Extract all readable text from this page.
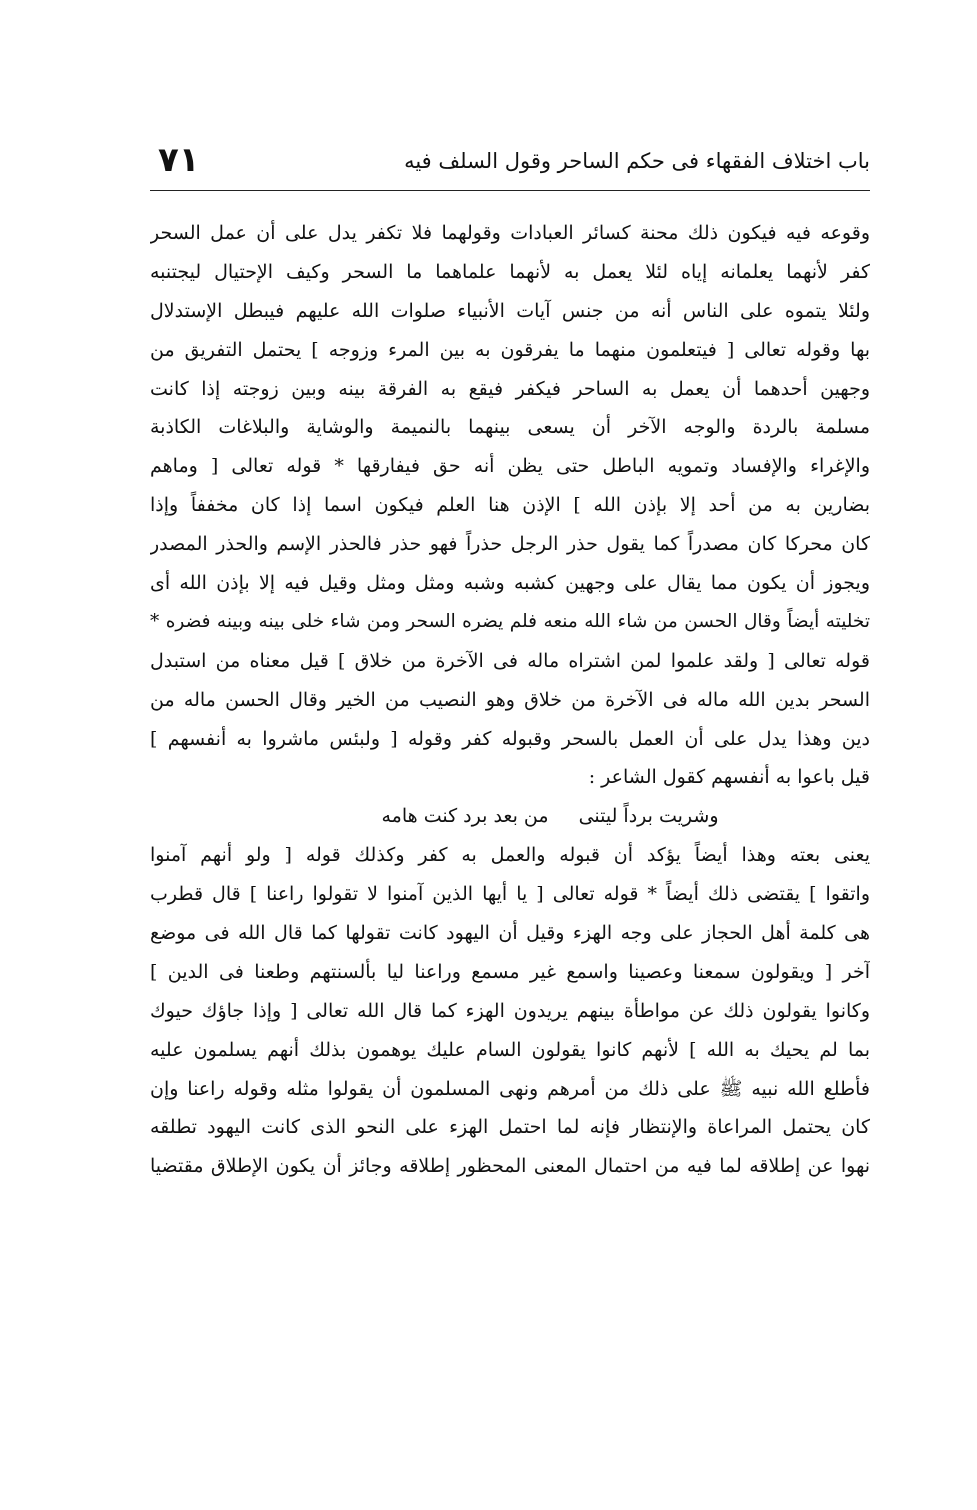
باب اختلاف الفقهاء فى حكم الساحر وقول السلف فيه
٧١
وقوعه فيه فيكون ذلك محنة كسائر العبادات وقولهما فلا تكفر يدل على أن عمل السحر
كفر لأنهما يعلمانه إياه لئلا يعمل به لأنهما علماهما ما السحر وكيف الإحتيال ليجتنبه
ولئلا يتموه على الناس أنه من جنس آيات الأنبياء صلوات الله عليهم فيبطل الإستدلال
بها وقوله تعالى [ فيتعلمون منهما ما يفرقون به بين المرء وزوجه ] يحتمل التفريق من
وجهين أحدهما أن يعمل به الساحر فيكفر فيقع به الفرقة بينه وبين زوجته إذا كانت
مسلمة بالردة والوجه الآخر أن يسعى بينهما بالنميمة والوشاية والبلاغات الكاذبة
والإغراء والإفساد وتمويه الباطل حتى يظن أنه حق فيفارقها * قوله تعالى [ وماهم
بضارين به من أحد إلا بإذن الله ] الإذن هنا العلم فيكون اسما إذا كان مخففاً وإذا
كان محركا كان مصدراً كما يقول حذر الرجل حذراً فهو حذر فالحذر الإسم والحذر المصدر
ويجوز أن يكون مما يقال على وجهين كشبه وشبه ومثل ومثل وقيل فيه إلا بإذن الله أى
تخليته أيضاً وقال الحسن من شاء الله منعه فلم يضره السحر ومن شاء خلى بينه وبينه فضره *
قوله تعالى [ ولقد علموا لمن اشتراه ماله فى الآخرة من خلاق ] قيل معناه من استبدل
السحر بدين الله ماله فى الآخرة من خلاق وهو النصيب من الخير وقال الحسن ماله من
دين وهذا يدل على أن العمل بالسحر وقبوله كفر وقوله [ ولبئس ماشروا به أنفسهم ]
قيل باعوا به أنفسهم كقول الشاعر :
وشريت برداً ليتنىمن بعد برد كنت هامه
يعنى بعته وهذا أيضاً يؤكد أن قبوله والعمل به كفر وكذلك قوله [ ولو أنهم آمنوا
واتقوا ] يقتضى ذلك أيضاً * قوله تعالى [ يا أيها الذين آمنوا لا تقولوا راعنا ] قال قطرب
هى كلمة أهل الحجاز على وجه الهزء وقيل أن اليهود كانت تقولها كما قال الله فى موضع
آخر [ ويقولون سمعنا وعصينا واسمع غير مسمع وراعنا ليا بألسنتهم وطعنا فى الدين ]
وكانوا يقولون ذلك عن مواطأة بينهم يريدون الهزء كما قال الله تعالى [ وإذا جاؤك حيوك
بما لم يحيك به الله ] لأنهم كانوا يقولون السام عليك يوهمون بذلك أنهم يسلمون عليه
فأطلع الله نبيه ﷺ على ذلك من أمرهم ونهى المسلمون أن يقولوا مثله وقوله راعنا وإن
كان يحتمل المراعاة والإنتظار فإنه لما احتمل الهزء على النحو الذى كانت اليهود تطلقه
نهوا عن إطلاقه لما فيه من احتمال المعنى المحظور إطلاقه وجائز أن يكون الإطلاق مقتضيا
